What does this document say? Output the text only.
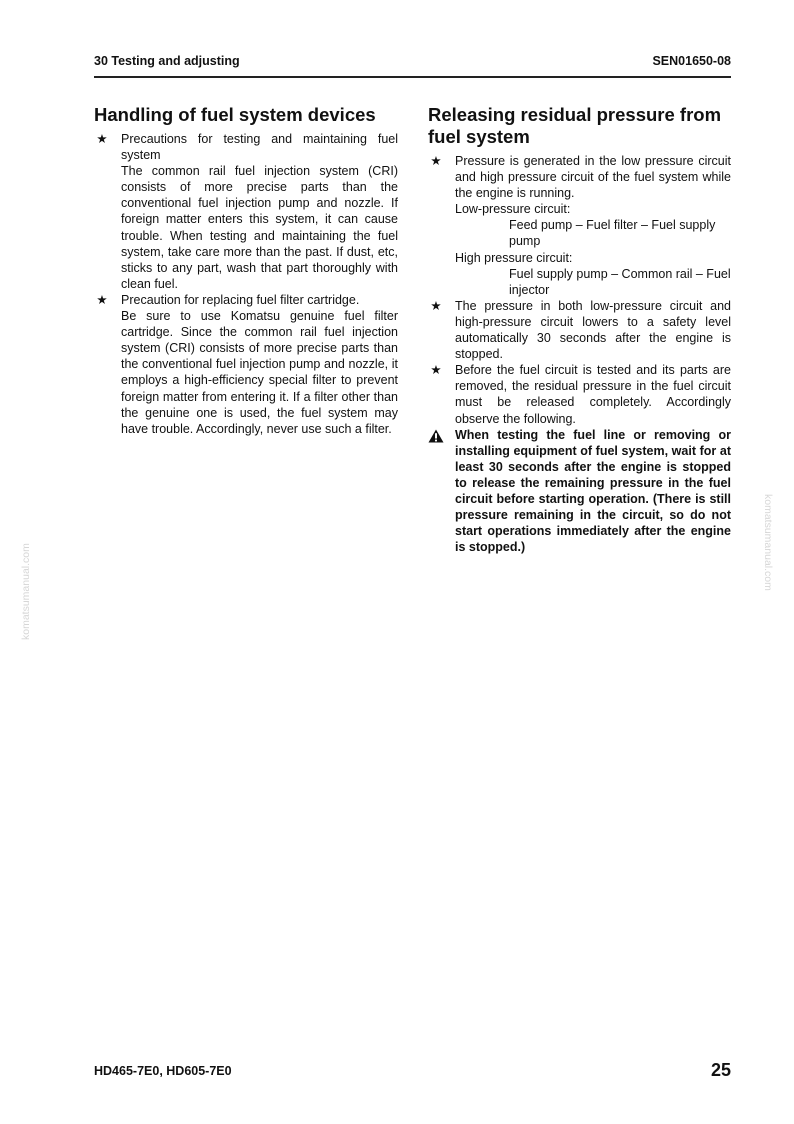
30 Testing and adjusting	SEN01650-08
Handling of fuel system devices
★ Precautions for testing and maintaining fuel system

The common rail fuel injection system (CRI) consists of more precise parts than the conventional fuel injection pump and nozzle. If foreign matter enters this system, it can cause trouble. When testing and maintaining the fuel system, take care more than the past. If dust, etc, sticks to any part, wash that part thoroughly with clean fuel.

★ Precaution for replacing fuel filter cartridge.

Be sure to use Komatsu genuine fuel filter cartridge. Since the common rail fuel injection system (CRI) consists of more precise parts than the conventional fuel injection pump and nozzle, it employs a high-efficiency special filter to prevent foreign matter from entering it. If a filter other than the genuine one is used, the fuel system may have trouble. Accordingly, never use such a filter.

Releasing residual pressure from fuel system
★ Pressure is generated in the low pressure circuit and high pressure circuit of the fuel system while the engine is running.

Low-pressure circuit:

Feed pump – Fuel filter – Fuel supply pump

High pressure circuit:

Fuel supply pump – Common rail – Fuel injector

★ The pressure in both low-pressure circuit and high-pressure circuit lowers to a safety level automatically 30 seconds after the engine is stopped.

★ Before the fuel circuit is tested and its parts are removed, the residual pressure in the fuel circuit must be released completely. Accordingly observe the following.

When testing the fuel line or removing or installing equipment of fuel system, wait for at least 30 seconds after the engine is stopped to release the remaining pressure in the fuel circuit before starting operation. (There is still pressure remaining in the circuit, so do not start operations immediately after the engine is stopped.)

komatsumanual.com
komatsumanual.com
HD465-7E0, HD605-7E0	25
